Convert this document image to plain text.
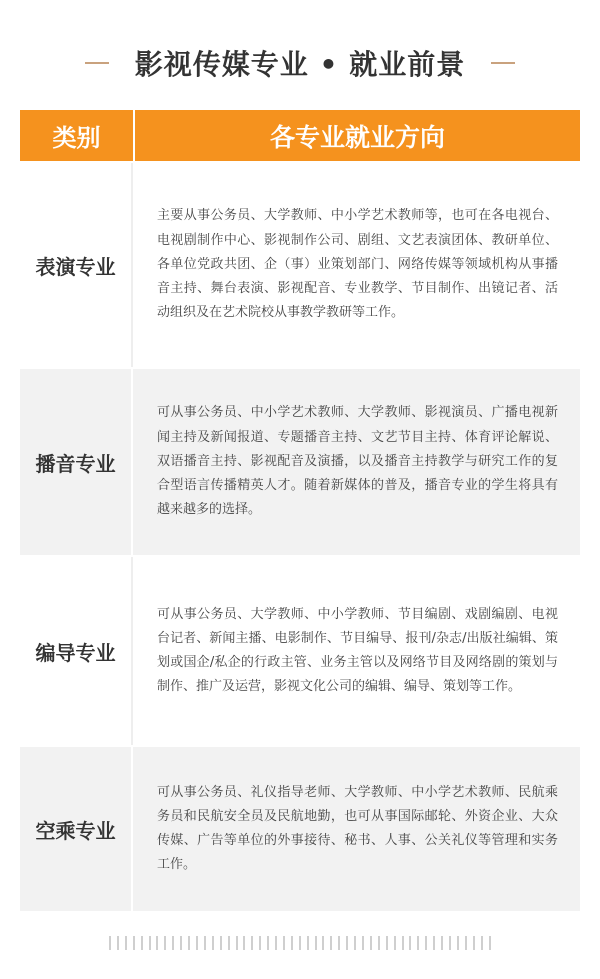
影视传媒专业 • 就业前景
类别	各专业就业方向
表演专业
主要从事公务员、大学教师、中小学艺术教师等，也可在各电视台、电视剧制作中心、影视制作公司、剧组、文艺表演团体、教研单位、各单位党政共团、企（事）业策划部门、网络传媒等领域机构从事播音主持、舞台表演、影视配音、专业教学、节目制作、出镜记者、活动组织及在艺术院校从事教学教研等工作。
播音专业
可从事公务员、中小学艺术教师、大学教师、影视演员、广播电视新闻主持及新闻报道、专题播音主持、文艺节目主持、体育评论解说、双语播音主持、影视配音及演播，以及播音主持教学与研究工作的复合型语言传播精英人才。随着新媒体的普及，播音专业的学生将具有越来越多的选择。
编导专业
可从事公务员、大学教师、中小学教师、节目编剧、戏剧编剧、电视台记者、新闻主播、电影制作、节目编导、报刊/杂志/出版社编辑、策划或国企/私企的行政主管、业务主管以及网络节目及网络剧的策划与制作、推广及运营，影视文化公司的编辑、编导、策划等工作。
空乘专业
可从事公务员、礼仪指导老师、大学教师、中小学艺术教师、民航乘务员和民航安全员及民航地勤，也可从事国际邮轮、外资企业、大众传媒、广告等单位的外事接待、秘书、人事、公关礼仪等管理和实务工作。
